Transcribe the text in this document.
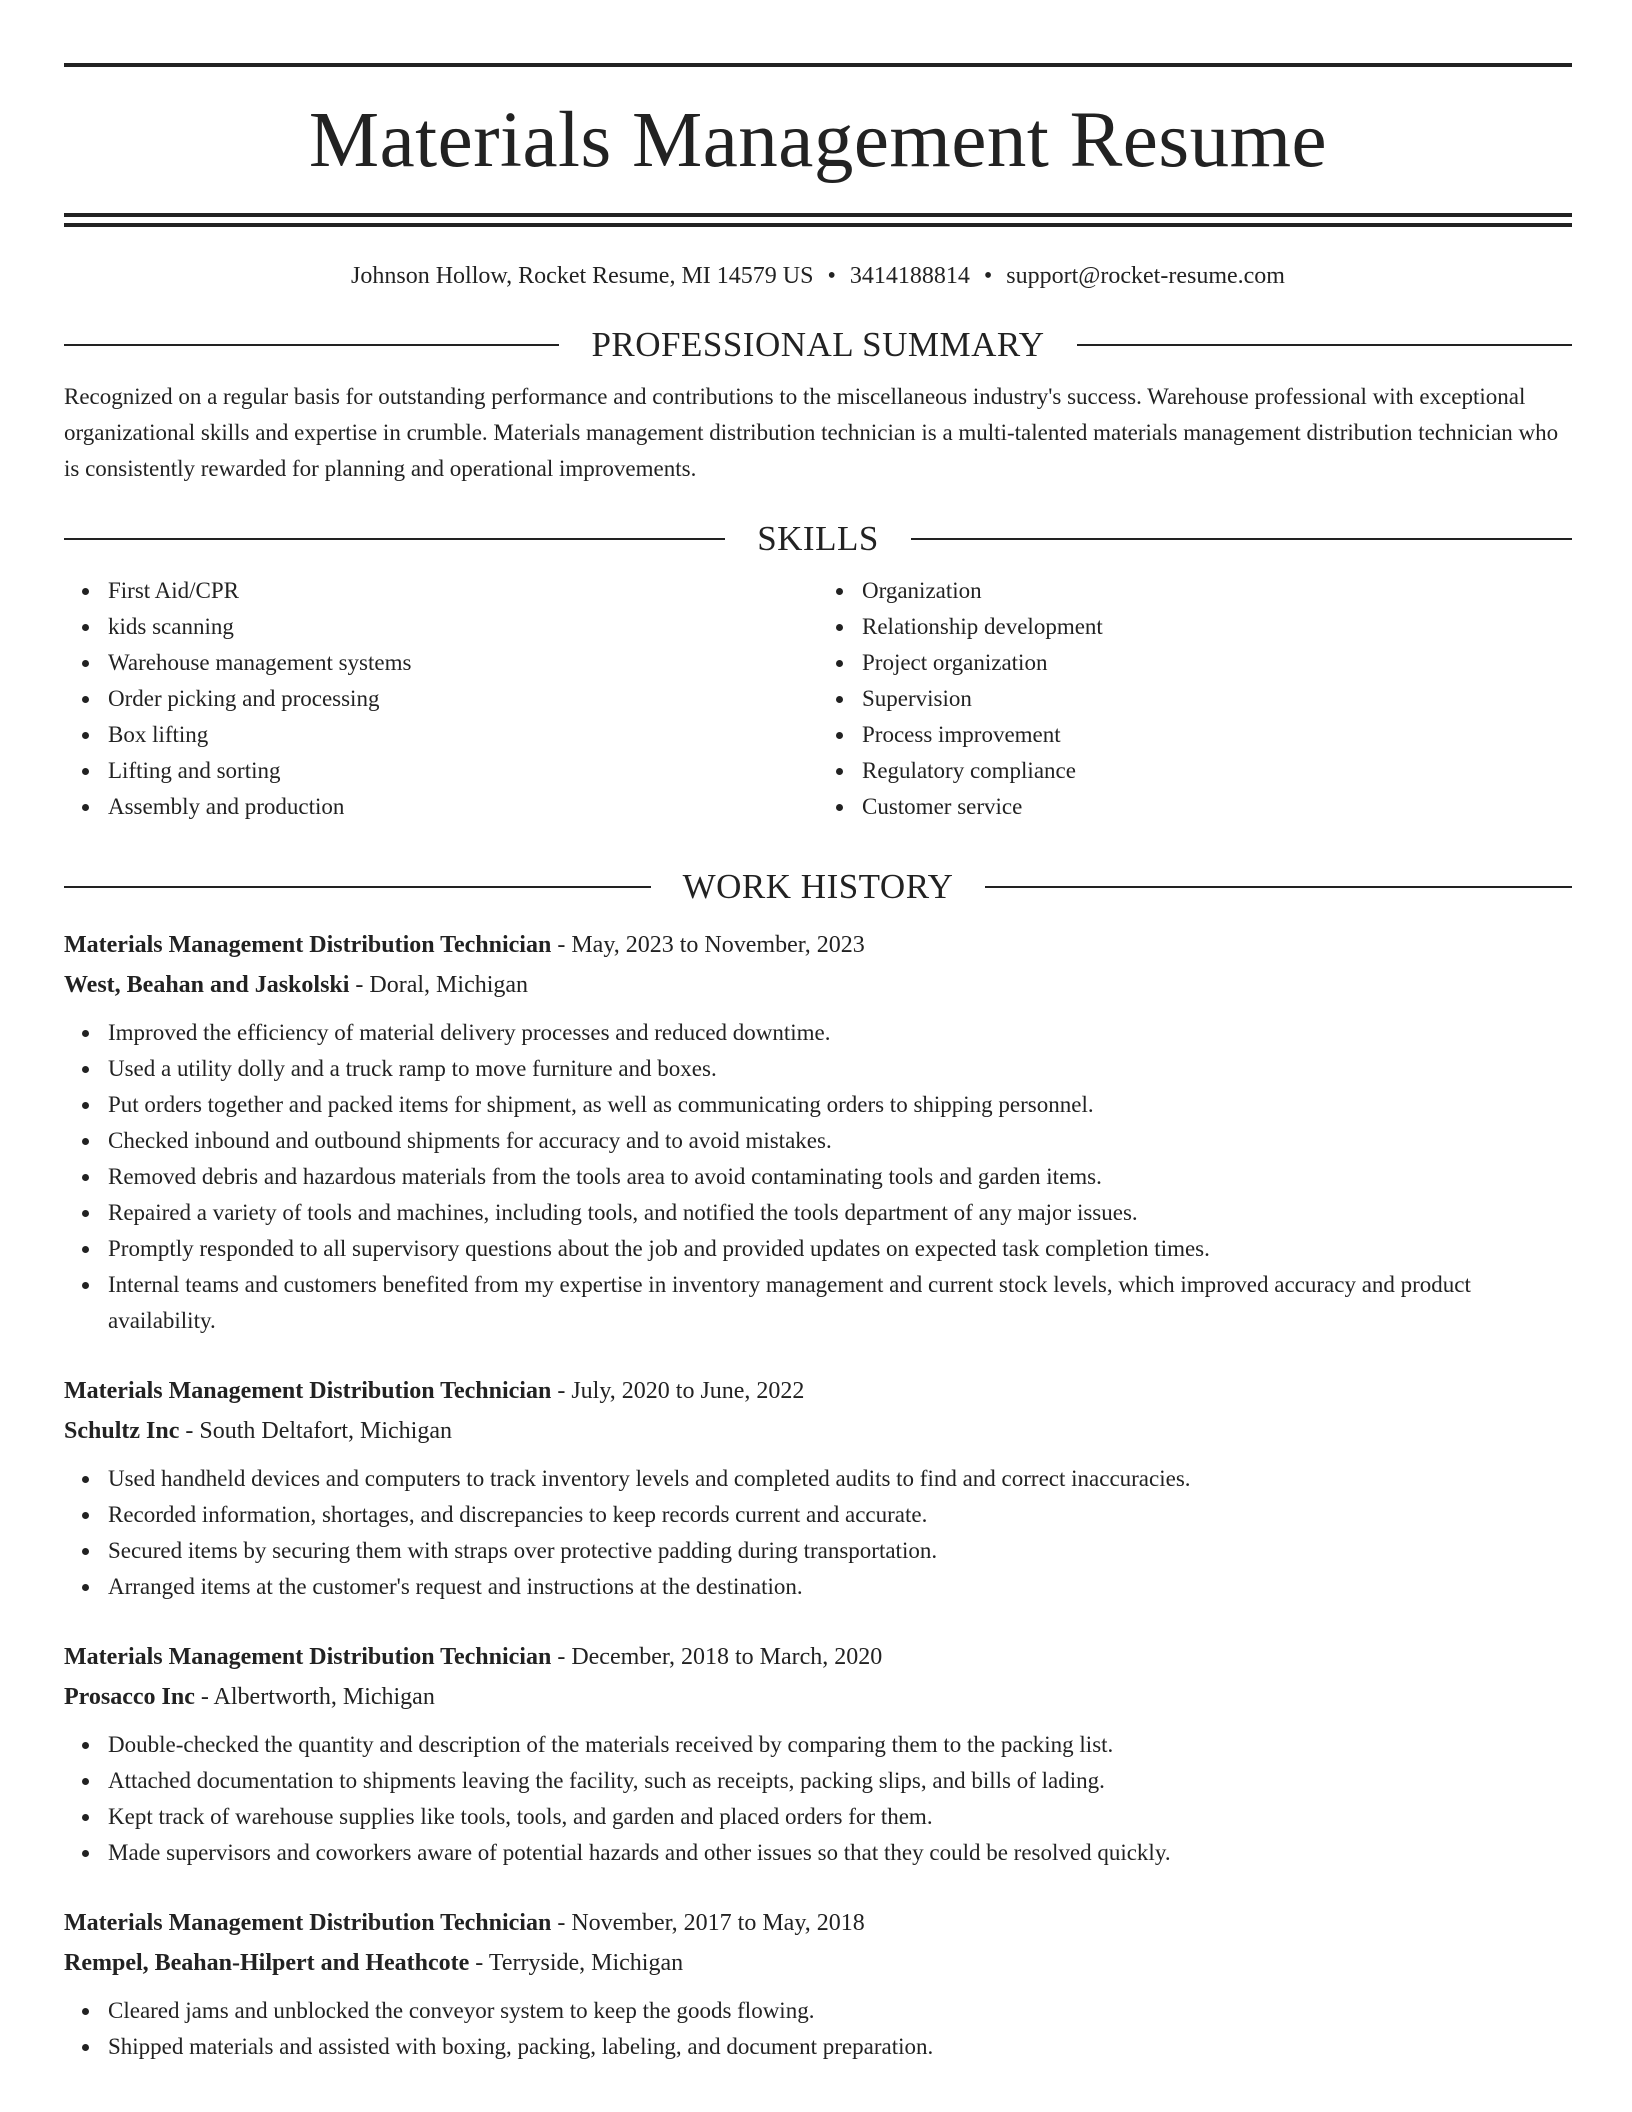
Materials Management Resume
Johnson Hollow, Rocket Resume, MI 14579 US • 3414188814 • support@rocket-resume.com
PROFESSIONAL SUMMARY
Recognized on a regular basis for outstanding performance and contributions to the miscellaneous industry's success. Warehouse professional with exceptional organizational skills and expertise in crumble. Materials management distribution technician is a multi-talented materials management distribution technician who is consistently rewarded for planning and operational improvements.
SKILLS
First Aid/CPR
kids scanning
Warehouse management systems
Order picking and processing
Box lifting
Lifting and sorting
Assembly and production
Organization
Relationship development
Project organization
Supervision
Process improvement
Regulatory compliance
Customer service
WORK HISTORY
Materials Management Distribution Technician - May, 2023 to November, 2023
West, Beahan and Jaskolski - Doral, Michigan
Improved the efficiency of material delivery processes and reduced downtime.
Used a utility dolly and a truck ramp to move furniture and boxes.
Put orders together and packed items for shipment, as well as communicating orders to shipping personnel.
Checked inbound and outbound shipments for accuracy and to avoid mistakes.
Removed debris and hazardous materials from the tools area to avoid contaminating tools and garden items.
Repaired a variety of tools and machines, including tools, and notified the tools department of any major issues.
Promptly responded to all supervisory questions about the job and provided updates on expected task completion times.
Internal teams and customers benefited from my expertise in inventory management and current stock levels, which improved accuracy and product availability.
Materials Management Distribution Technician - July, 2020 to June, 2022
Schultz Inc - South Deltafort, Michigan
Used handheld devices and computers to track inventory levels and completed audits to find and correct inaccuracies.
Recorded information, shortages, and discrepancies to keep records current and accurate.
Secured items by securing them with straps over protective padding during transportation.
Arranged items at the customer's request and instructions at the destination.
Materials Management Distribution Technician - December, 2018 to March, 2020
Prosacco Inc - Albertworth, Michigan
Double-checked the quantity and description of the materials received by comparing them to the packing list.
Attached documentation to shipments leaving the facility, such as receipts, packing slips, and bills of lading.
Kept track of warehouse supplies like tools, tools, and garden and placed orders for them.
Made supervisors and coworkers aware of potential hazards and other issues so that they could be resolved quickly.
Materials Management Distribution Technician - November, 2017 to May, 2018
Rempel, Beahan-Hilpert and Heathcote - Terryside, Michigan
Cleared jams and unblocked the conveyor system to keep the goods flowing.
Shipped materials and assisted with boxing, packing, labeling, and document preparation.
